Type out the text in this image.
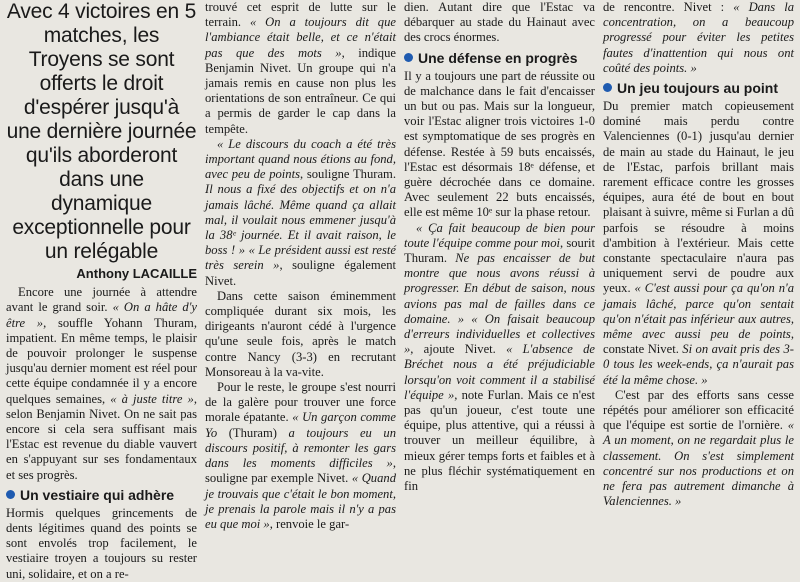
Avec 4 victoires en 5 matches, les Troyens se sont offerts le droit d'espérer jusqu'à une dernière journée qu'ils aborderont dans une dynamique exceptionnelle pour un relégable
Anthony LACAILLE

Encore une journée à attendre avant le grand soir. « On a hâte d'y être », souffle Yohann Thuram, impatient. En même temps, le plaisir de pouvoir prolonger le suspense jusqu'au dernier moment est réel pour cette équipe condamnée il y a encore quelques semaines, « à juste titre », selon Benjamin Nivet. On ne sait pas encore si cela sera suffisant mais l'Estac est revenue du diable vauvert en s'appuyant sur ses fondamentaux et ses progrès.

Un vestiaire qui adhère

Hormis quelques grincements de dents légitimes quand des points se sont envolés trop facilement, le vestiaire troyen a toujours su rester uni, solidaire, et on a re-

trouvé cet esprit de lutte sur le terrain. « On a toujours dit que l'ambiance était belle, et ce n'était pas que des mots », indique Benjamin Nivet. Un groupe qui n'a jamais remis en cause non plus les orientations de son entraîneur. Ce qui a permis de garder le cap dans la tempête.

« Le discours du coach a été très important quand nous étions au fond, avec peu de points, souligne Thuram. Il nous a fixé des objectifs et on n'a jamais lâché. Même quand ça allait mal, il voulait nous emmener jusqu'à la 38ᵉ journée. Et il avait raison, le boss ! » « Le président aussi est resté très serein », souligne également Nivet.

Dans cette saison éminemment compliquée durant six mois, les dirigeants n'auront cédé à l'urgence qu'une seule fois, après le match contre Nancy (3-3) en recrutant Monsoreau à la va-vite.

Pour le reste, le groupe s'est nourri de la galère pour trouver une force morale épatante. « Un garçon comme Yo (Thuram) a toujours eu un discours positif, à remonter les gars dans les moments difficiles », souligne par exemple Nivet. « Quand je trouvais que c'était le bon moment, je prenais la parole mais il n'y a pas eu que moi », renvoie le gar-

dien. Autant dire que l'Estac va débarquer au stade du Hainaut avec des crocs énormes.

Une défense en progrès

Il y a toujours une part de réussite ou de malchance dans le fait d'encaisser un but ou pas. Mais sur la longueur, voir l'Estac aligner trois victoires 1-0 est symptomatique de ses progrès en défense. Restée à 59 buts encaissés, l'Estac est désormais 18ᵉ défense, et guère décrochée dans ce domaine. Avec seulement 22 buts encaissés, elle est même 10ᵉ sur la phase retour.

« Ça fait beaucoup de bien pour toute l'équipe comme pour moi, sourit Thuram. Ne pas encaisser de but montre que nous avons réussi à progresser. En début de saison, nous avions pas mal de failles dans ce domaine. » « On faisait beaucoup d'erreurs individuelles et collectives », ajoute Nivet. « L'absence de Bréchet nous a été préjudiciable lorsqu'on voit comment il a stabilisé l'équipe », note Furlan. Mais ce n'est pas qu'un joueur, c'est toute une équipe, plus attentive, qui a réussi à trouver un meilleur équilibre, à mieux gérer temps forts et faibles et à ne plus fléchir systématiquement en fin

de rencontre. Nivet : « Dans la concentration, on a beaucoup progressé pour éviter les petites fautes d'inattention qui nous ont coûté des points. »

Un jeu toujours au point

Du premier match copieusement dominé mais perdu contre Valenciennes (0-1) jusqu'au dernier de main au stade du Hainaut, le jeu de l'Estac, parfois brillant mais rarement efficace contre les grosses équipes, aura été de bout en bout plaisant à suivre, même si Furlan a dû parfois se résoudre à moins d'ambition à l'extérieur. Mais cette constante spectaculaire n'aura pas uniquement servi de poudre aux yeux. « C'est aussi pour ça qu'on n'a jamais lâché, parce qu'on sentait qu'on n'était pas inférieur aux autres, même avec aussi peu de points, constate Nivet. Si on avait pris des 3-0 tous les week-ends, ça n'aurait pas été la même chose. »

C'est par des efforts sans cesse répétés pour améliorer son efficacité que l'équipe est sortie de l'ornière. « A un moment, on ne regardait plus le classement. On s'est simplement concentré sur nos productions et on ne fera pas autrement dimanche à Valenciennes. »
